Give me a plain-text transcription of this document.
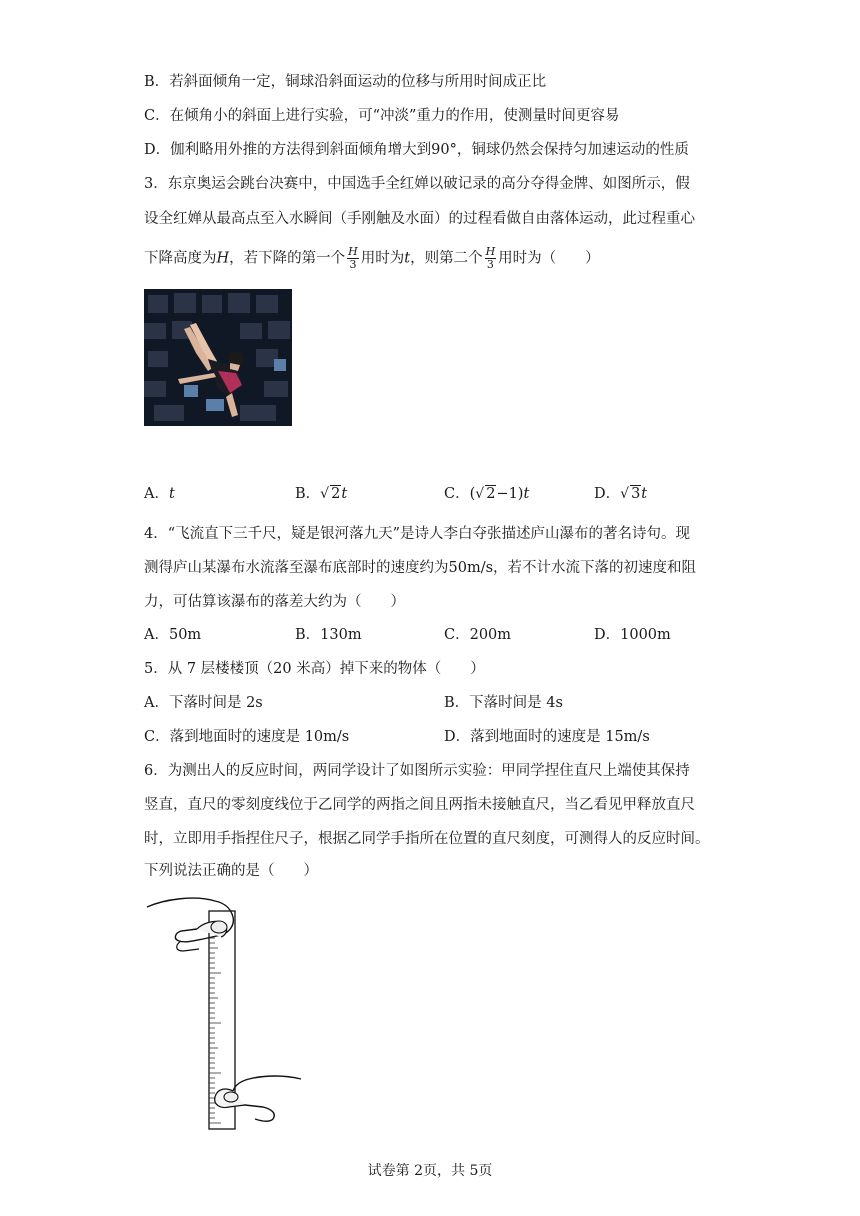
B．若斜面倾角一定，铜球沿斜面运动的位移与所用时间成正比
C．在倾角小的斜面上进行实验，可“冲淡”重力的作用，使测量时间更容易
D．伽利略用外推的方法得到斜面倾角增大到90°，铜球仍然会保持匀加速运动的性质
3．东京奥运会跳台决赛中，中国选手全红婵以破记录的高分夺得金牌、如图所示，假
设全红婵从最高点至入水瞬间（手刚触及水面）的过程看做自由落体运动，此过程重心
下降高度为H，若下降的第一个 $\frac{H}{3}$ 用时为t，则第二个 $\frac{H}{3}$ 用时为（　　）
A．t	B．√ 2t	C．(√ 2−1)t	D．√ 3t
4．“飞流直下三千尺，疑是银河落九天”是诗人李白夺张描述庐山瀑布的著名诗句。现
测得庐山某瀑布水流落至瀑布底部时的速度约为50m/s，若不计水流下落的初速度和阻
力，可估算该瀑布的落差大约为（　　）
A．50m	B．130m	C．200m	D．1000m
5．从 7 层楼楼顶（20 米高）掉下来的物体（　　）
A．下落时间是 2s	B．下落时间是 4s
C．落到地面时的速度是 10m/s	D．落到地面时的速度是 15m/s
6．为测出人的反应时间，两同学设计了如图所示实验：甲同学捏住直尺上端使其保持
竖直，直尺的零刻度线位于乙同学的两指之间且两指未接触直尺，当乙看见甲释放直尺
时，立即用手指捏住尺子，根据乙同学手指所在位置的直尺刻度，可测得人的反应时间。
下列说法正确的是（　　）
试卷第 2页，共 5页
